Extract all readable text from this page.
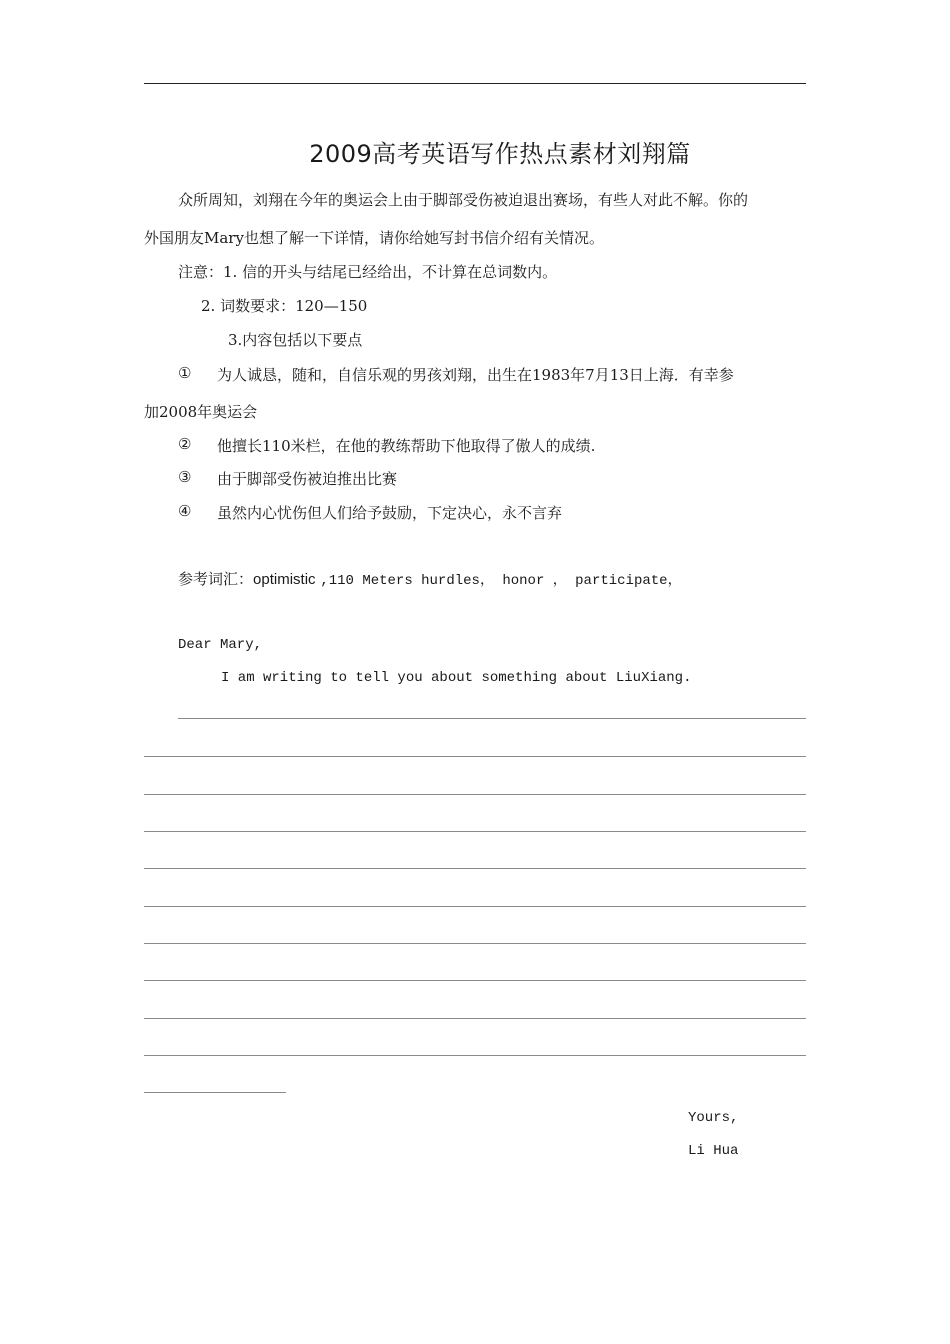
2009高考英语写作热点素材刘翔篇
众所周知，刘翔在今年的奥运会上由于脚部受伤被迫退出赛场，有些人对此不解。你的
外国朋友Mary也想了解一下详情，请你给她写封书信介绍有关情况。
注意：1. 信的开头与结尾已经给出，不计算在总词数内。
2. 词数要求：120—150
3.内容包括以下要点
① 为人诚恳，随和，自信乐观的男孩刘翔，出生在1983年7月13日上海．有幸参
加2008年奥运会
② 他擅长110米栏，在他的教练帮助下他取得了傲人的成绩.
③ 由于脚部受伤被迫推出比赛
④ 虽然内心忧伤但人们给予鼓励，下定决心，永不言弃
参考词汇：optimistic ,110 Meters hurdles， honor ， participate，
Dear Mary,
I am writing to tell you about something about LiuXiang.
Yours,
Li Hua
